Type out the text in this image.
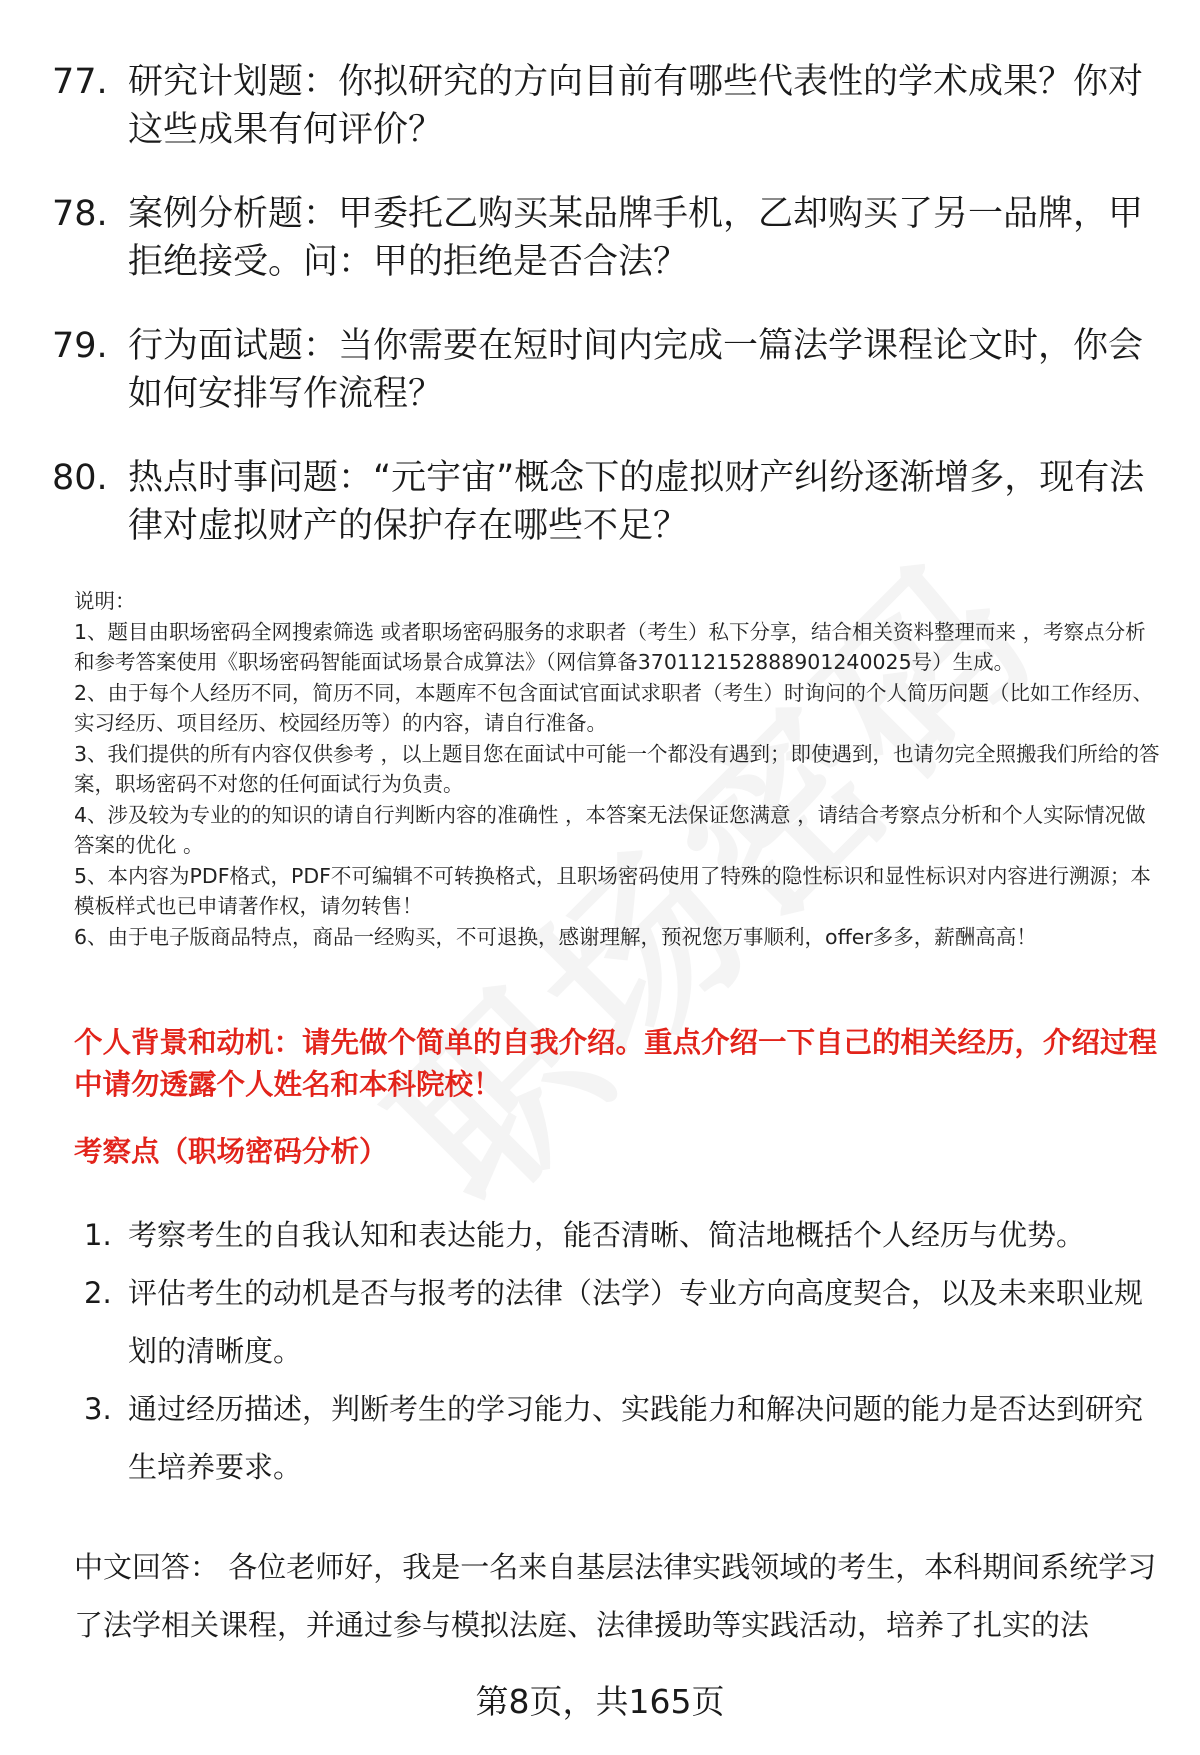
77. 研究计划题：你拟研究的方向目前有哪些代表性的学术成果？你对这些成果有何评价？
78. 案例分析题：甲委托乙购买某品牌手机，乙却购买了另一品牌，甲拒绝接受。问：甲的拒绝是否合法？
79. 行为面试题：当你需要在短时间内完成一篇法学课程论文时，你会如何安排写作流程？
80. 热点时事问题：“元宇宙”概念下的虚拟财产纠纷逐渐增多，现有法律对虚拟财产的保护存在哪些不足？

说明：

1、题目由职场密码全网搜索筛选 或者职场密码服务的求职者（考生）私下分享，结合相关资料整理而来 ，考察点分析和参考答案使用《职场密码智能面试场景合成算法》（网信算备370112152888901240025号）生成。

2、由于每个人经历不同，简历不同，本题库不包含面试官面试求职者（考生）时询问的个人简历问题（比如工作经历、实习经历、项目经历、校园经历等）的内容，请自行准备。

3、我们提供的所有内容仅供参考 ，以上题目您在面试中可能一个都没有遇到；即使遇到，也请勿完全照搬我们所给的答案，职场密码不对您的任何面试行为负责。

4、涉及较为专业的的知识的请自行判断内容的准确性 ，本答案无法保证您满意 ，请结合考察点分析和个人实际情况做答案的优化 。

5、本内容为PDF格式，PDF不可编辑不可转换格式，且职场密码使用了特殊的隐性标识和显性标识对内容进行溯源；本模板样式也已申请著作权，请勿转售！

6、由于电子版商品特点，商品一经购买，不可退换，感谢理解，预祝您万事顺利，offer多多，薪酬高高！

个人背景和动机：请先做个简单的自我介绍。重点介绍一下自己的相关经历，介绍过程中请勿透露个人姓名和本科院校！
考察点（职场密码分析）
1. 考察考生的自我认知和表达能力，能否清晰、简洁地概括个人经历与优势。
2. 评估考生的动机是否与报考的法律（法学）专业方向高度契合，以及未来职业规划的清晰度。
3. 通过经历描述，判断考生的学习能力、实践能力和解决问题的能力是否达到研究生培养要求。
中文回答： 各位老师好，我是一名来自基层法律实践领域的考生，本科期间系统学习了法学相关课程，并通过参与模拟法庭、法律援助等实践活动，培养了扎实的法
第8页，共165页
